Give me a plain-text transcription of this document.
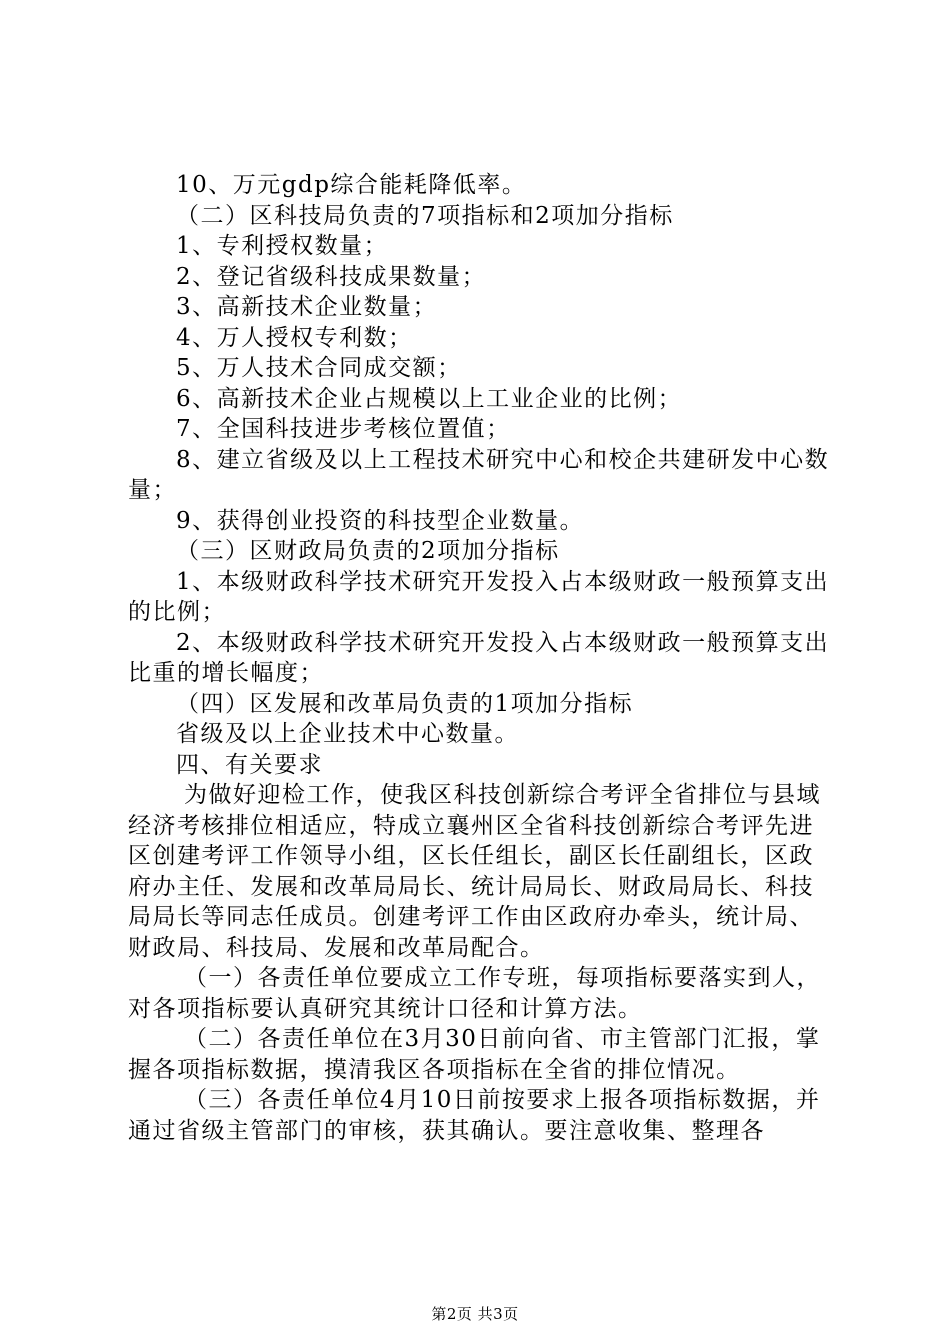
10、万元gdp综合能耗降低率。

（二）区科技局负责的7项指标和2项加分指标

1、专利授权数量；

2、登记省级科技成果数量；

3、高新技术企业数量；

4、万人授权专利数；

5、万人技术合同成交额；

6、高新技术企业占规模以上工业企业的比例；

7、全国科技进步考核位置值；

8、建立省级及以上工程技术研究中心和校企共建研发中心数量；

9、获得创业投资的科技型企业数量。

（三）区财政局负责的2项加分指标

1、本级财政科学技术研究开发投入占本级财政一般预算支出的比例；

2、本级财政科学技术研究开发投入占本级财政一般预算支出比重的增长幅度；

（四）区发展和改革局负责的1项加分指标

省级及以上企业技术中心数量。

四、有关要求

为做好迎检工作，使我区科技创新综合考评全省排位与县域经济考核排位相适应，特成立襄州区全省科技创新综合考评先进区创建考评工作领导小组，区长任组长，副区长任副组长，区政府办主任、发展和改革局局长、统计局局长、财政局局长、科技局局长等同志任成员。创建考评工作由区政府办牵头，统计局、财政局、科技局、发展和改革局配合。

（一）各责任单位要成立工作专班，每项指标要落实到人，对各项指标要认真研究其统计口径和计算方法。

（二）各责任单位在3月30日前向省、市主管部门汇报，掌握各项指标数据，摸清我区各项指标在全省的排位情况。

（三）各责任单位4月10日前按要求上报各项指标数据，并通过省级主管部门的审核，获其确认。要注意收集、整理各

第2页 共3页
